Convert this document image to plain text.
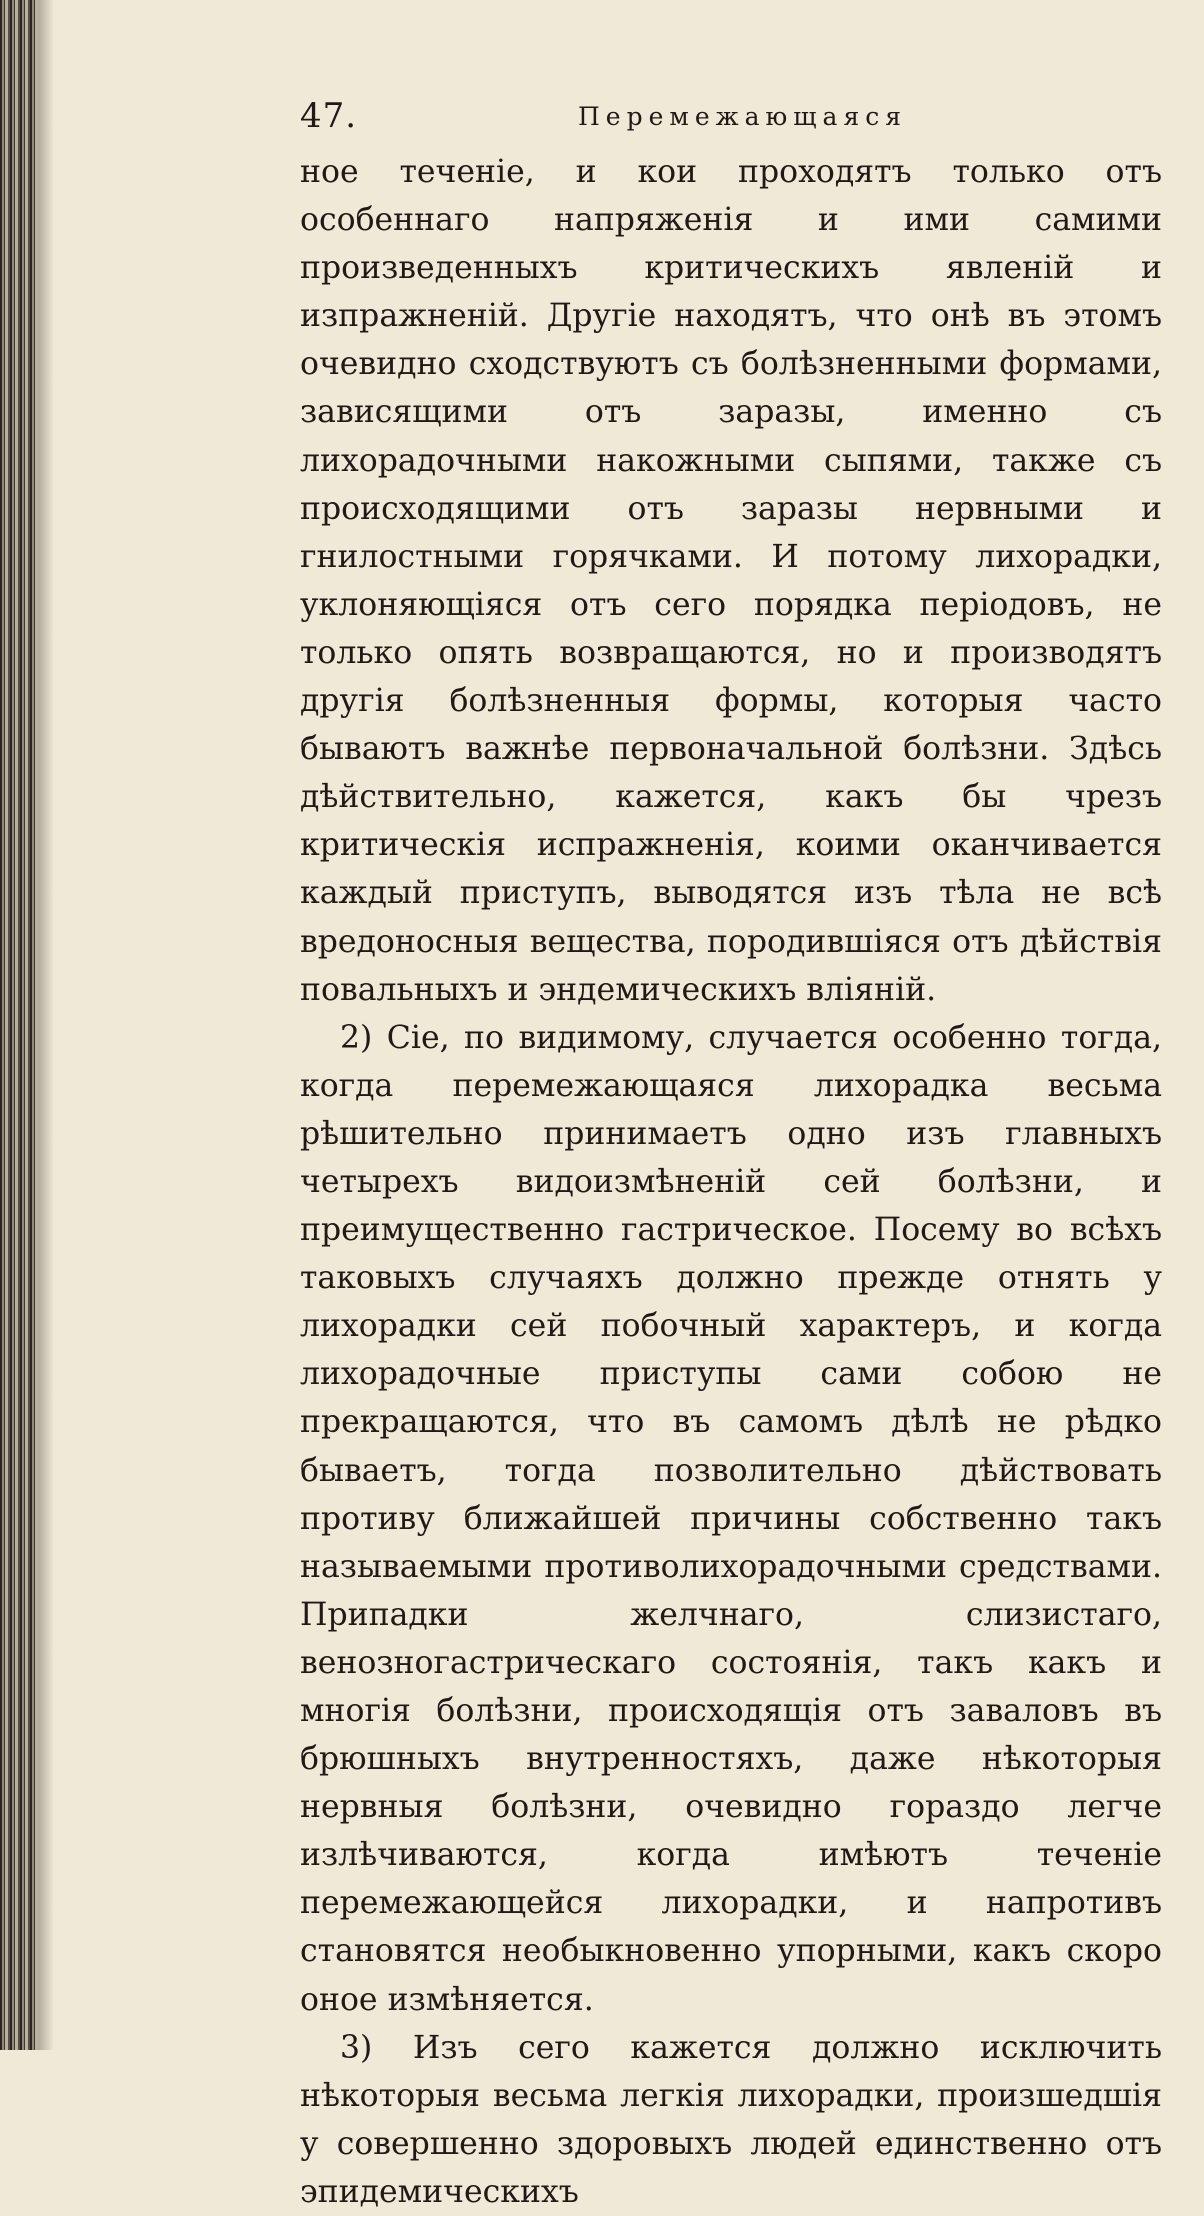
47.	Перемежающаяся

ное теченіе, и кои проходятъ только отъ особеннаго напряженія и ими самими произведенныхъ критическихъ явленій и изпражненій. Другіе находятъ, что онѣ въ этомъ очевидно сходствуютъ съ болѣзненными формами, зависящими отъ заразы, именно съ лихорадочными накожными сыпями, также съ происходящими отъ заразы нервными и гнилостными горячками. И потому лихорадки, уклоняющіяся отъ сего порядка періодовъ, не только опять возвращаются, но и производятъ другія болѣзненныя формы, которыя часто бываютъ важнѣе первоначальной болѣзни. Здѣсь дѣйствительно, кажется, какъ бы чрезъ критическія испражненія, коими оканчивается каждый приступъ, выводятся изъ тѣла не всѣ вредоносныя вещества, породившіяся отъ дѣйствія повальныхъ и эндемическихъ вліяній.

2) Сіе, по видимому, случается особенно тогда, когда перемежающаяся лихорадка весьма рѣшительно принимаетъ одно изъ главныхъ четырехъ видоизмѣненій сей болѣзни, и преимущественно гастрическое. Посему во всѣхъ таковыхъ случаяхъ должно прежде отнять у лихорадки сей побочный характеръ, и когда лихорадочные приступы сами собою не прекращаются, что въ самомъ дѣлѣ не рѣдко бываетъ, тогда позволительно дѣйствовать противу ближайшей причины собственно такъ называемыми противолихорадочными средствами. Припадки желчнаго, слизистаго, венозногастрическаго состоянія, такъ какъ и многія болѣзни, происходящія отъ заваловъ въ брюшныхъ внутренностяхъ, даже нѣкоторыя нервныя болѣзни, очевидно гораздо легче излѣчиваются, когда имѣютъ теченіе перемежающейся лихорадки, и напротивъ становятся необыкновенно упорными, какъ скоро оное измѣняется.

3) Изъ сего кажется должно исключить нѣкоторыя весьма легкія лихорадки, произшедшія у совершенно здоровыхъ людей единственно отъ эпидемическихъ
